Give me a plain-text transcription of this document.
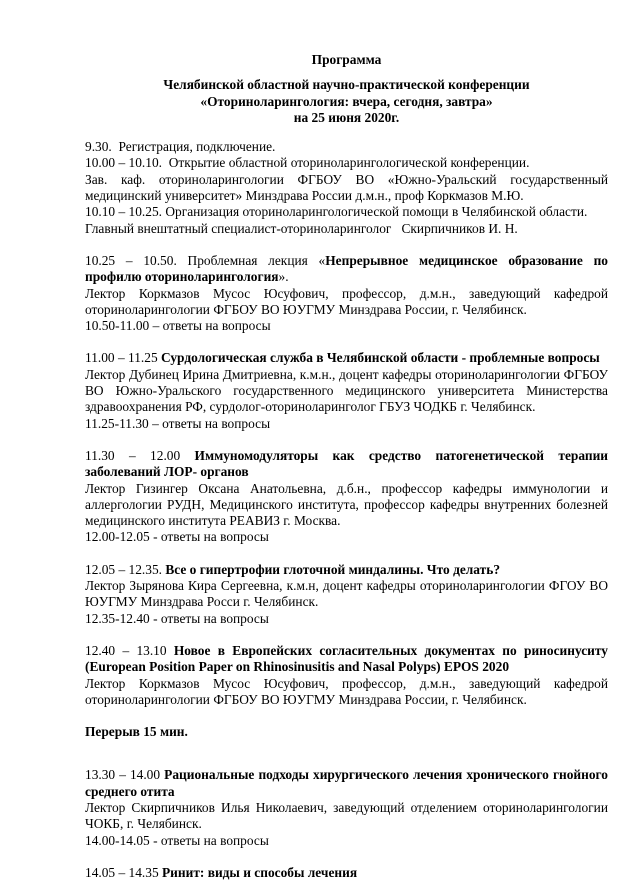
Программа

Челябинской областной научно-практической конференции

«Оториноларингология: вчера, сегодня, завтра»

на 25 июня 2020г.

9.30.  Регистрация, подключение.

10.00 – 10.10.  Открытие областной оториноларингологической конференции.

Зав. каф. оториноларингологии ФГБОУ ВО «Южно-Уральский государственный медицинский университет» Минздрава России д.м.н., проф Коркмазов М.Ю.

10.10 – 10.25. Организация оториноларингологической помощи в Челябинской области.

Главный внештатный специалист-оториноларинголог   Скирпичников И. Н.

10.25 – 10.50. Проблемная лекция «Непрерывное медицинское образование по профилю оториноларингология».

Лектор Коркмазов Мусос Юсуфович, профессор, д.м.н., заведующий кафедрой оториноларингологии ФГБОУ ВО ЮУГМУ Минздрава России, г. Челябинск.

10.50-11.00 – ответы на вопросы

11.00 – 11.25 Сурдологическая служба в Челябинской области - проблемные вопросы

Лектор Дубинец Ирина Дмитриевна, к.м.н., доцент кафедры оториноларингологии ФГБОУ ВО Южно-Уральского государственного медицинского университета Министерства здравоохранения РФ, сурдолог-оториноларинголог ГБУЗ ЧОДКБ г. Челябинск.

11.25-11.30 – ответы на вопросы

11.30 – 12.00 Иммуномодуляторы как средство патогенетической терапии заболеваний ЛОР- органов

Лектор Гизингер Оксана Анатольевна, д.б.н., профессор кафедры иммунологии и аллергологии РУДН, Медицинского института, профессор кафедры внутренних болезней медицинского института РЕАВИЗ г. Москва.

12.00-12.05 - ответы на вопросы

12.05 – 12.35. Все о гипертрофии глоточной миндалины. Что делать?

Лектор Зырянова Кира Сергеевна, к.м.н, доцент кафедры оториноларингологии ФГОУ ВО ЮУГМУ Минздрава Росси г. Челябинск.

12.35-12.40 - ответы на вопросы

12.40 – 13.10 Новое в Европейских согласительных документах по риносинуситу (European Position Paper on Rhinosinusitis and Nasal Polyps) EPOS 2020

Лектор Коркмазов Мусос Юсуфович, профессор, д.м.н., заведующий кафедрой оториноларингологии ФГБОУ ВО ЮУГМУ Минздрава России, г. Челябинск.

Перерыв 15 мин.

13.30 – 14.00 Рациональные подходы хирургического лечения хронического гнойного среднего отита

Лектор Скирпичников Илья Николаевич, заведующий отделением оториноларингологии ЧОКБ, г. Челябинск.

14.00-14.05 - ответы на вопросы

14.05 – 14.35 Ринит: виды и способы лечения
